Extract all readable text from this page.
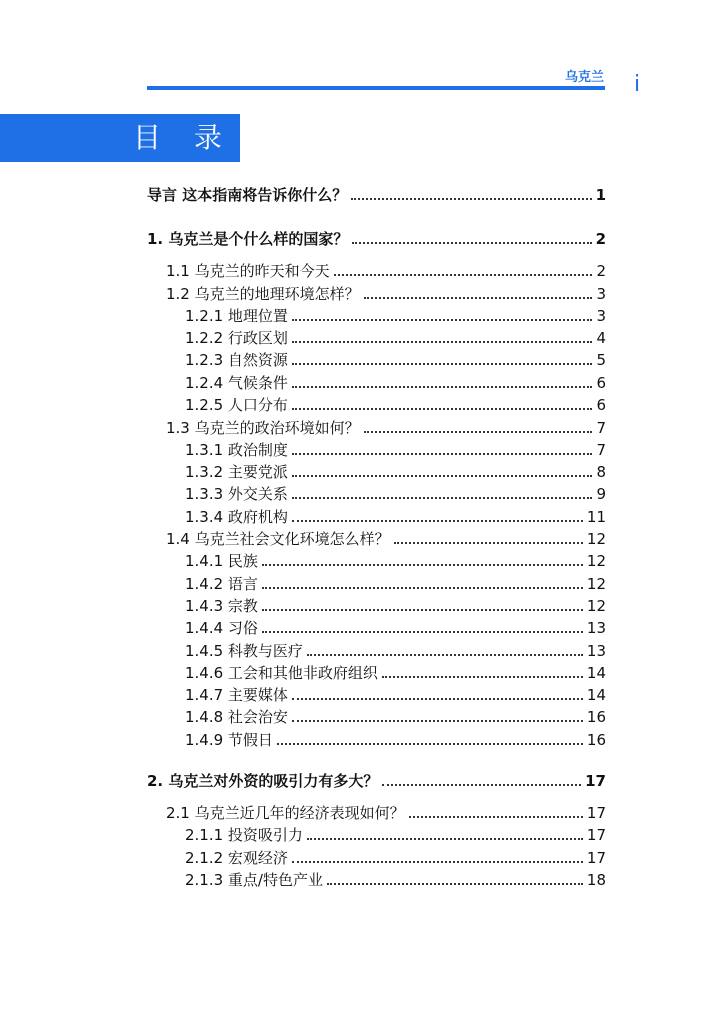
乌克兰 i
目 录
导言 这本指南将告诉你什么？	1
1. 乌克兰是个什么样的国家？	2
1.1 乌克兰的昨天和今天	2
1.2 乌克兰的地理环境怎样？	3
1.2.1 地理位置	3
1.2.2 行政区划	4
1.2.3 自然资源	5
1.2.4 气候条件	6
1.2.5 人口分布	6
1.3 乌克兰的政治环境如何？	7
1.3.1 政治制度	7
1.3.2 主要党派	8
1.3.3 外交关系	9
1.3.4 政府机构	11
1.4 乌克兰社会文化环境怎么样？	12
1.4.1 民族	12
1.4.2 语言	12
1.4.3 宗教	12
1.4.4 习俗	13
1.4.5 科教与医疗	13
1.4.6 工会和其他非政府组织	14
1.4.7 主要媒体	14
1.4.8 社会治安	16
1.4.9 节假日	16
2. 乌克兰对外资的吸引力有多大？	17
2.1 乌克兰近几年的经济表现如何？	17
2.1.1 投资吸引力	17
2.1.2 宏观经济	17
2.1.3 重点/特色产业	18
